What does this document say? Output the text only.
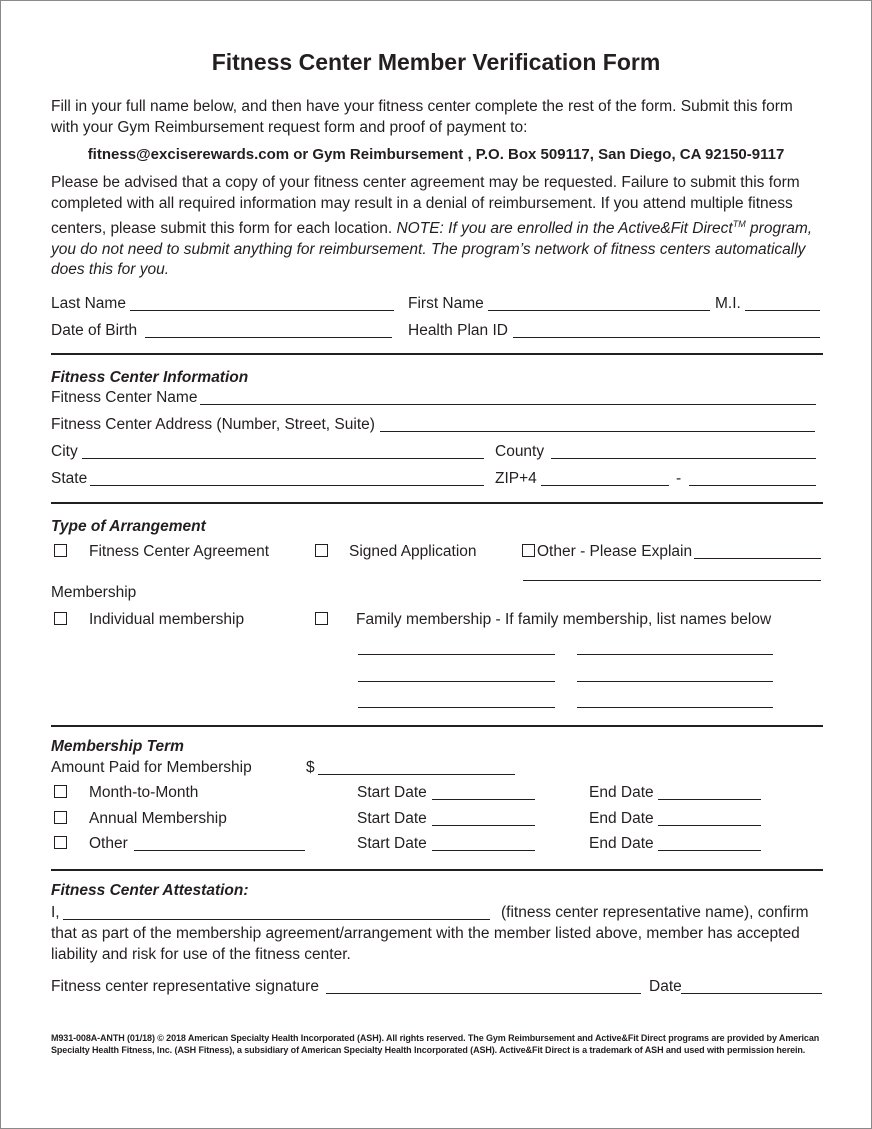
Fitness Center Member Verification Form
Fill in your full name below, and then have your fitness center complete the rest of the form. Submit this form with your Gym Reimbursement request form and proof of payment to:
fitness@exciserewards.com or Gym Reimbursement , P.O. Box 509117, San Diego, CA 92150-9117
Please be advised that a copy of your fitness center agreement may be requested. Failure to submit this form completed with all required information may result in a denial of reimbursement. If you attend multiple fitness centers, please submit this form for each location. NOTE: If you are enrolled in the Active&Fit Direct™ program, you do not need to submit anything for reimbursement. The program’s network of fitness centers automatically does this for you.
Last Name	First Name	M.I.
Date of Birth	Health Plan ID
Fitness Center Information
Fitness Center Name
Fitness Center Address (Number, Street, Suite)
City	County
State	ZIP+4	-
Type of Arrangement
Fitness Center Agreement	Signed Application	Other - Please Explain
Membership
Individual membership	Family membership - If family membership, list names below
Membership Term
Amount Paid for Membership	$
Month-to-Month	Start Date	End Date
Annual Membership	Start Date	End Date
Other	Start Date	End Date
Fitness Center Attestation:
I,	(fitness center representative name), confirm
that as part of the membership agreement/arrangement with the member listed above, member has accepted liability and risk for use of the fitness center.
Fitness center representative signature	Date
M931-008A-ANTH (01/18) © 2018 American Specialty Health Incorporated (ASH). All rights reserved. The Gym Reimbursement and Active&Fit Direct programs are provided by American Specialty Health Fitness, Inc. (ASH Fitness), a subsidiary of American Specialty Health Incorporated (ASH). Active&Fit Direct is a trademark of ASH and used with permission herein.
